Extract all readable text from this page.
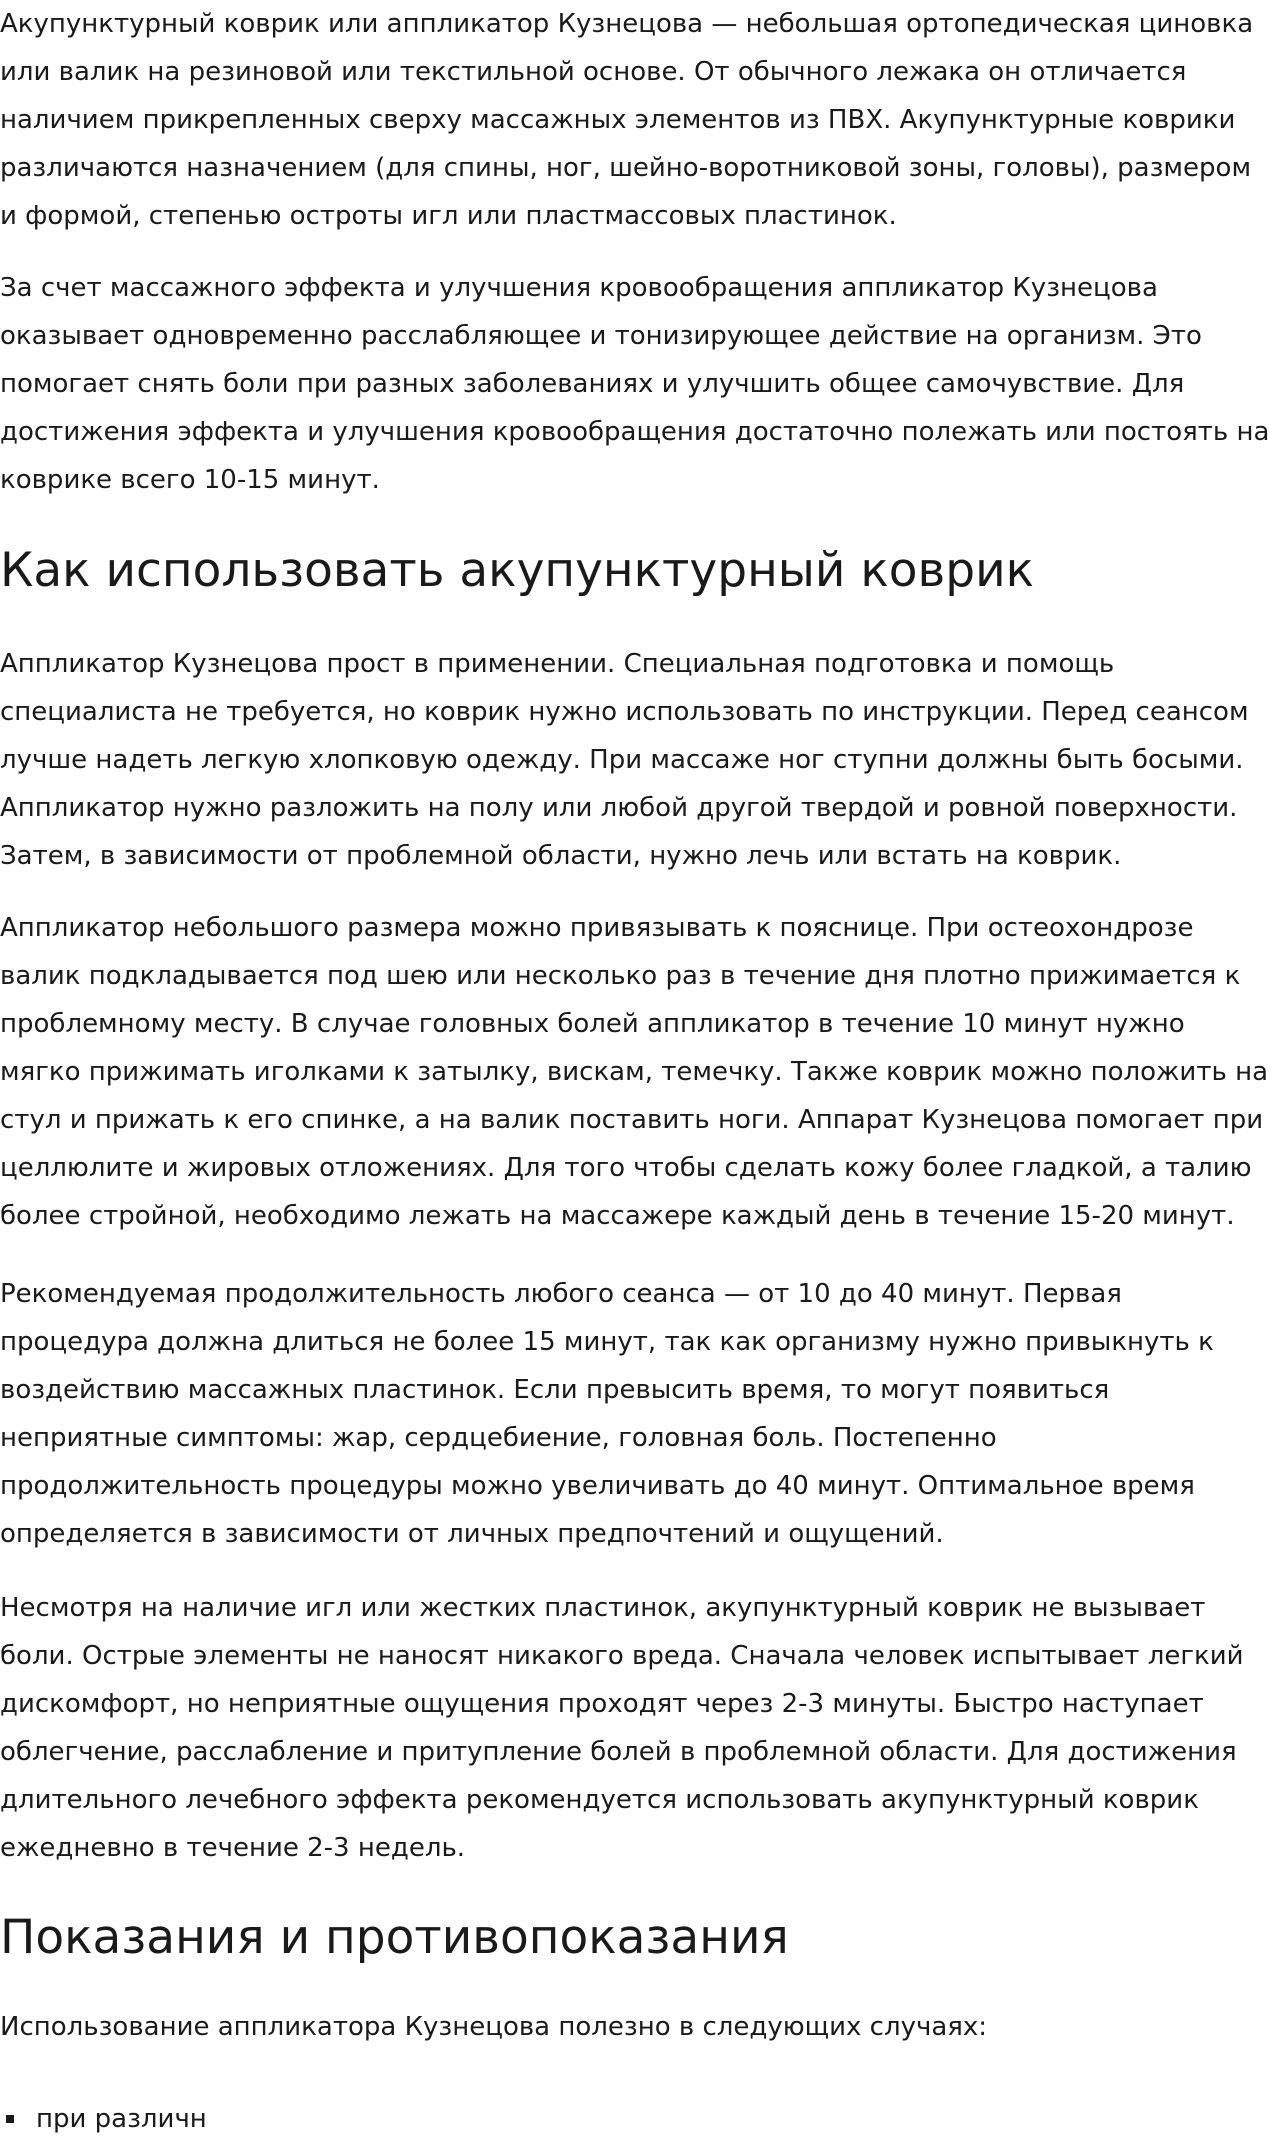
Акупунктурный коврик или аппликатор Кузнецова — небольшая ортопедическая циновка или валик на резиновой или текстильной основе. От обычного лежака он отличается наличием прикрепленных сверху массажных элементов из ПВХ. Акупунктурные коврики различаются назначением (для спины, ног, шейно-воротниковой зоны, головы), размером и формой, степенью остроты игл или пластмассовых пластинок.

За счет массажного эффекта и улучшения кровообращения аппликатор Кузнецова оказывает одновременно расслабляющее и тонизирующее действие на организм. Это помогает снять боли при разных заболеваниях и улучшить общее самочувствие. Для достижения эффекта и улучшения кровообращения достаточно полежать или постоять на коврике всего 10-15 минут.

Как использовать акупунктурный коврик

Аппликатор Кузнецова прост в применении. Специальная подготовка и помощь специалиста не требуется, но коврик нужно использовать по инструкции. Перед сеансом лучше надеть легкую хлопковую одежду. При массаже ног ступни должны быть босыми. Аппликатор нужно разложить на полу или любой другой твердой и ровной поверхности. Затем, в зависимости от проблемной области, нужно лечь или встать на коврик.

Аппликатор небольшого размера можно привязывать к пояснице. При остеохондрозе валик подкладывается под шею или несколько раз в течение дня плотно прижимается к проблемному месту. В случае головных болей аппликатор в течение 10 минут нужно мягко прижимать иголками к затылку, вискам, темечку. Также коврик можно положить на стул и прижать к его спинке, а на валик поставить ноги. Аппарат Кузнецова помогает при целлюлите и жировых отложениях. Для того чтобы сделать кожу более гладкой, а талию более стройной, необходимо лежать на массажере каждый день в течение 15-20 минут.

Рекомендуемая продолжительность любого сеанса — от 10 до 40 минут. Первая процедура должна длиться не более 15 минут, так как организму нужно привыкнуть к воздействию массажных пластинок. Если превысить время, то могут появиться неприятные симптомы: жар, сердцебиение, головная боль. Постепенно продолжительность процедуры можно увеличивать до 40 минут. Оптимальное время определяется в зависимости от личных предпочтений и ощущений.

Несмотря на наличие игл или жестких пластинок, акупунктурный коврик не вызывает боли. Острые элементы не наносят никакого вреда. Сначала человек испытывает легкий дискомфорт, но неприятные ощущения проходят через 2-3 минуты. Быстро наступает облегчение, расслабление и притупление болей в проблемной области. Для достижения длительного лечебного эффекта рекомендуется использовать акупунктурный коврик ежедневно в течение 2-3 недель.

Показания и противопоказания

Использование аппликатора Кузнецова полезно в следующих случаях:

при различн
